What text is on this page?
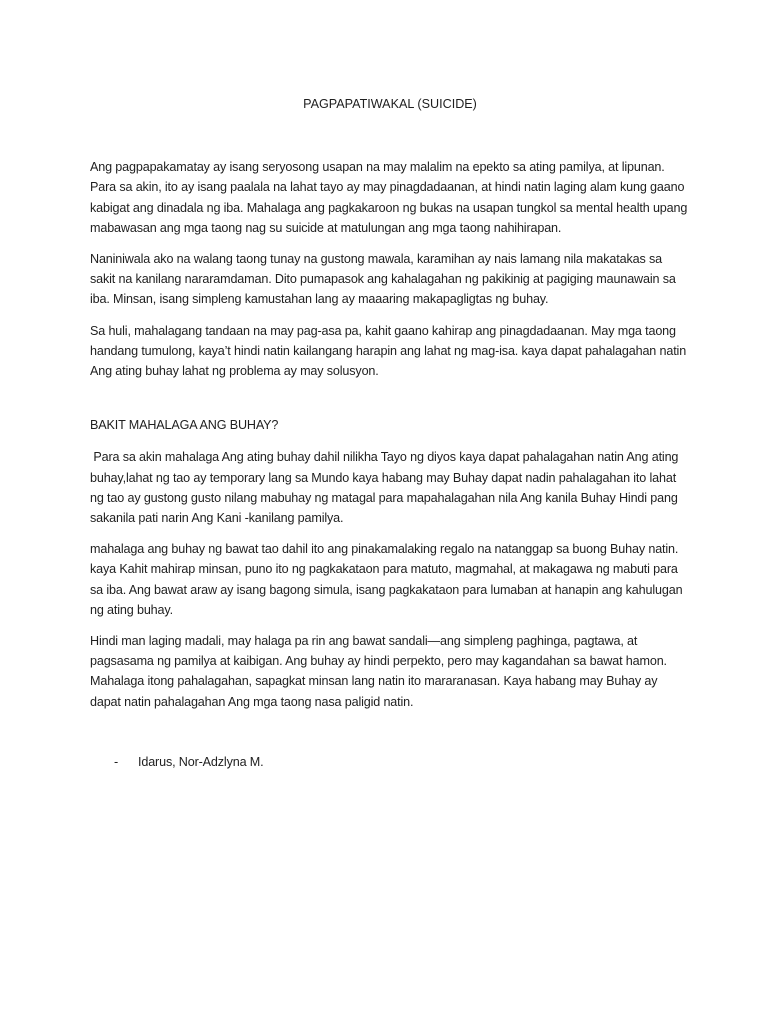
PAGPAPATIWAKAL (SUICIDE)

Ang pagpapakamatay ay isang seryosong usapan na may malalim na epekto sa ating pamilya, at lipunan. Para sa akin, ito ay isang paalala na lahat tayo ay may pinagdadaanan, at hindi natin laging alam kung gaano kabigat ang dinadala ng iba. Mahalaga ang pagkakaroon ng bukas na usapan tungkol sa mental health upang mabawasan ang mga taong nag su suicide at matulungan ang mga taong nahihirapan.

Naniniwala ako na walang taong tunay na gustong mawala, karamihan ay nais lamang nila makatakas sa sakit na kanilang nararamdaman. Dito pumapasok ang kahalagahan ng pakikinig at pagiging maunawain sa iba. Minsan, isang simpleng kamustahan lang ay maaaring makapagligtas ng buhay.

Sa huli, mahalagang tandaan na may pag-asa pa, kahit gaano kahirap ang pinagdadaanan. May mga taong handang tumulong, kaya’t hindi natin kailangang harapin ang lahat ng mag-isa. kaya dapat pahalagahan natin Ang ating buhay lahat ng problema ay may solusyon.

BAKIT MAHALAGA ANG BUHAY?

Para sa akin mahalaga Ang ating buhay dahil nilikha Tayo ng diyos kaya dapat pahalagahan natin Ang ating buhay,lahat ng tao ay temporary lang sa Mundo kaya habang may Buhay dapat nadin pahalagahan ito lahat ng tao ay gustong gusto nilang mabuhay ng matagal para mapahalagahan nila Ang kanila Buhay Hindi pang sakanila pati narin Ang Kani -kanilang pamilya.

mahalaga ang buhay ng bawat tao dahil ito ang pinakamalaking regalo na natanggap sa buong Buhay natin. kaya Kahit mahirap minsan, puno ito ng pagkakataon para matuto, magmahal, at makagawa ng mabuti para sa iba. Ang bawat araw ay isang bagong simula, isang pagkakataon para lumaban at hanapin ang kahulugan ng ating buhay.

Hindi man laging madali, may halaga pa rin ang bawat sandali—ang simpleng paghinga, pagtawa, at pagsasama ng pamilya at kaibigan. Ang buhay ay hindi perpekto, pero may kagandahan sa bawat hamon. Mahalaga itong pahalagahan, sapagkat minsan lang natin ito mararanasan. Kaya habang may Buhay ay dapat natin pahalagahan Ang mga taong nasa paligid natin.

-	Idarus, Nor-Adzlyna M.
